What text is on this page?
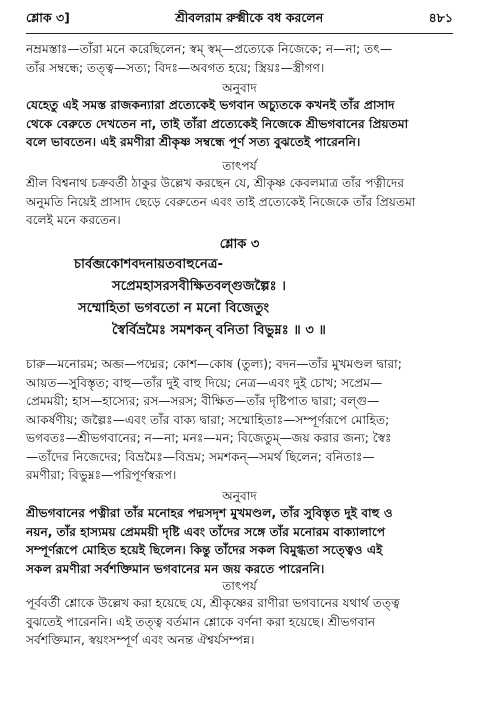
শ্লোক ৩]	শ্রীবলরাম রুক্মীকে বধ করলেন	৪৮১
নম্রমস্তাঃ—তাঁরা মনে করেছিলেন; স্বম্ স্বম্—প্রত্যেকে নিজেকে; ন—না; তৎ—
তাঁর সম্বন্ধে; তত্ত্ব—সত্য; বিদঃ—অবগত হয়ে; স্ত্রিয়ঃ—স্ত্রীগণ।
অনুবাদ
যেহেতু এই সমস্ত রাজকন্যারা প্রত্যেকেই ভগবান অচ্যুতকে কখনই তাঁর প্রাসাদ
থেকে বেরুতে দেখতেন না, তাই তাঁরা প্রত্যেকেই নিজেকে শ্রীভগবানের প্রিয়তমা
বলে ভাবতেন। এই রমণীরা শ্রীকৃষ্ণ সম্বন্ধে পূর্ণ সত্য বুঝতেই পারেননি।
তাৎপর্য
শ্রীল বিশ্বনাথ চক্রবর্তী ঠাকুর উল্লেখ করছেন যে, শ্রীকৃষ্ণ কেবলমাত্র তাঁর পত্নীদের
অনুমতি নিয়েই প্রাসাদ ছেড়ে বেরুতেন এবং তাই প্রত্যেকেই নিজেকে তাঁর প্রিয়তমা
বলেই মনে করতেন।
শ্লোক ৩
চার্বব্জকোশবদনায়তবাহুনেত্র-
সপ্রেমহাসরসবীক্ষিতবল্গুজল্পৈঃ ।
সম্মোহিতা ভগবতো ন মনো বিজেতুং
স্বৈর্বিভ্রমৈঃ সমশকন্ বনিতা বিভুম্নঃ ॥ ৩ ॥
চারু—মনোরম; অব্জ—পদ্মের; কোশ—কোষ (তুল্য); বদন—তাঁর মুখমণ্ডল দ্বারা;
আয়ত—সুবিস্তৃত; বাহু—তাঁর দুই বাহু দিয়ে; নেত্র—এবং দুই চোখ; সপ্রেম—
প্রেমময়ী; হাস—হাস্যের; রস—সরস; বীক্ষিত—তাঁর দৃষ্টিপাত দ্বারা; বল্গু—
আকর্ষণীয়; জল্পৈঃ—এবং তাঁর বাক্য দ্বারা; সম্মোহিতাঃ—সম্পূর্ণরূপে মোহিত;
ভগবতঃ—শ্রীভগবানের; ন—না; মনঃ—মন; বিজেতুম্—জয় করার জন্য; স্বৈঃ
—তাঁদের নিজেদের; বিভ্রমৈঃ—বিভ্রম; সমশকন্—সমর্থ ছিলেন; বনিতাঃ—
রমণীরা; বিভুম্নঃ—পরিপূর্ণস্বরূপ।
অনুবাদ
শ্রীভগবানের পত্নীরা তাঁর মনোহর পদ্মসদৃশ মুখমণ্ডল, তাঁর সুবিস্তৃত দুই বাহু ও
নয়ন, তাঁর হাস্যময় প্রেমময়ী দৃষ্টি এবং তাঁদের সঙ্গে তাঁর মনোরম বাক্যালাপে
সম্পূর্ণরূপে মোহিত হয়েই ছিলেন। কিন্তু তাঁদের সকল বিমুগ্ধতা সত্ত্বেও এই
সকল রমণীরা সর্বশক্তিমান ভগবানের মন জয় করতে পারেননি।
তাৎপর্য
পূর্ববর্তী শ্লোকে উল্লেখ করা হয়েছে যে, শ্রীকৃষ্ণের রাণীরা ভগবানের যথার্থ তত্ত্ব
বুঝতেই পারেননি। এই তত্ত্ব বর্তমান শ্লোকে বর্ণনা করা হয়েছে। শ্রীভগবান
সর্বশক্তিমান, স্বয়ংসম্পূর্ণ এবং অনন্ত ঐশ্বর্যসম্পন্ন।
